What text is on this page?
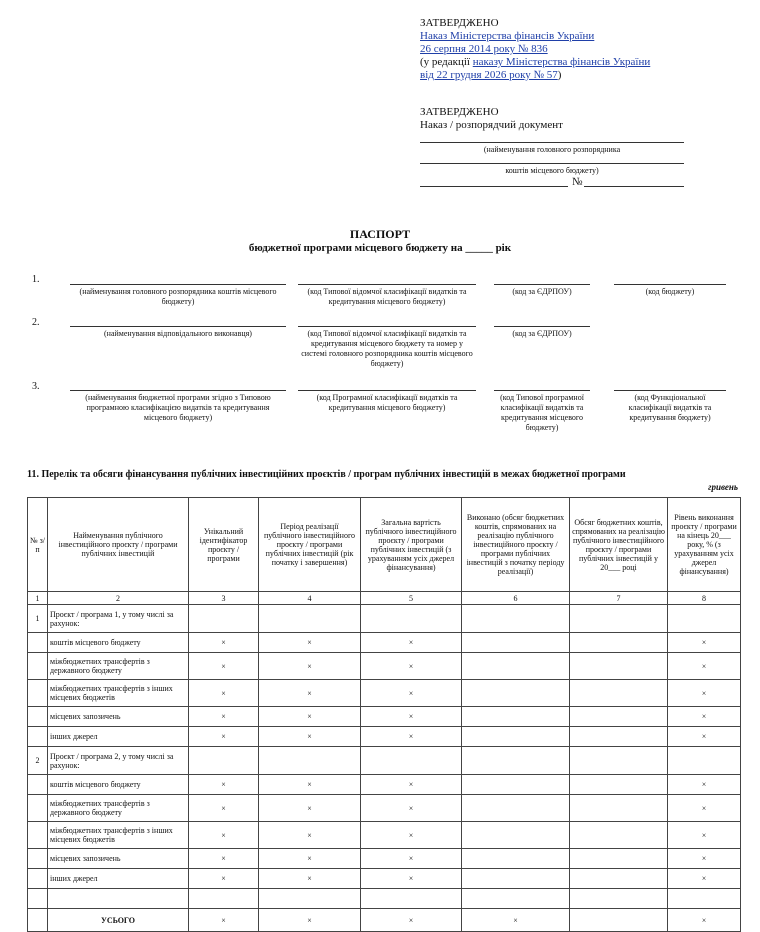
ЗАТВЕРДЖЕНО
Наказ Міністерства фінансів України
26 серпня 2014 року № 836
(у редакції наказу Міністерства фінансів України
від 22 грудня 2026 року № 57)
ЗАТВЕРДЖЕНО
Наказ / розпорядчий документ
(найменування головного розпорядника
коштів місцевого бюджету)
№
ПАСПОРТ
бюджетної програми місцевого бюджету на _____ рік
1.
(найменування головного розпорядника коштів місцевого бюджету)
(код Типової відомчої класифікації видатків та кредитування місцевого бюджету)
(код за ЄДРПОУ)	(код бюджету)
2.
(найменування відповідального виконавця)	(код Типової відомчої класифікації видатків та кредитування місцевого бюджету та номер у системі головного розпорядника коштів місцевого бюджету)
(код за ЄДРПОУ)
3.
(найменування бюджетної програми згідно з Типовою програмною класифікацією видатків та кредитування місцевого бюджету)
(код Програмної класифікації видатків та кредитування місцевого бюджету)
(код Типової програмної класифікації видатків та кредитування місцевого бюджету)
(код Функціональної класифікації видатків та кредитування бюджету)
11. Перелік та обсяги фінансування публічних інвестиційних проєктів / програм публічних інвестицій в межах бюджетної програми
гривень
№ з/п	Найменування публічного інвестиційного проєкту / програми публічних інвестицій	Унікальний ідентифікатор проєкту / програми	Період реалізації публічного інвестиційного проєкту / програми публічних інвестицій (рік початку і завершення)	Загальна вартість публічного інвестиційного проєкту / програми публічних інвестицій (з урахуванням усіх джерел фінансування)	Виконано (обсяг бюджетних коштів, спрямованих на реалізацію публічного інвестиційного проєкту / програми публічних інвестицій з початку періоду реалізації)	Обсяг бюджетних коштів, спрямованих на реалізацію публічного інвестиційного проєкту / програми публічних інвестицій у 20___ році	Рівень виконання проєкту / програми на кінець 20___ року, % (з урахуванням усіх джерел фінансування)
1	2	3	4	5	6	7	8
1	Проєкт / програма 1, у тому числі за рахунок:						
	коштів місцевого бюджету	×	×	×			×
	міжбюджетних трансфертів з державного бюджету	×	×	×			×
	міжбюджетних трансфертів з інших місцевих бюджетів	×	×	×			×
	місцевих запозичень	×	×	×			×
	інших джерел	×	×	×			×
2	Проєкт / програма 2, у тому числі за рахунок:						
	коштів місцевого бюджету	×	×	×			×
	міжбюджетних трансфертів з державного бюджету	×	×	×			×
	міжбюджетних трансфертів з інших місцевих бюджетів	×	×	×			×
	місцевих запозичень	×	×	×			×
	інших джерел	×	×	×			×

	УСЬОГО	×	×	×	×		×
